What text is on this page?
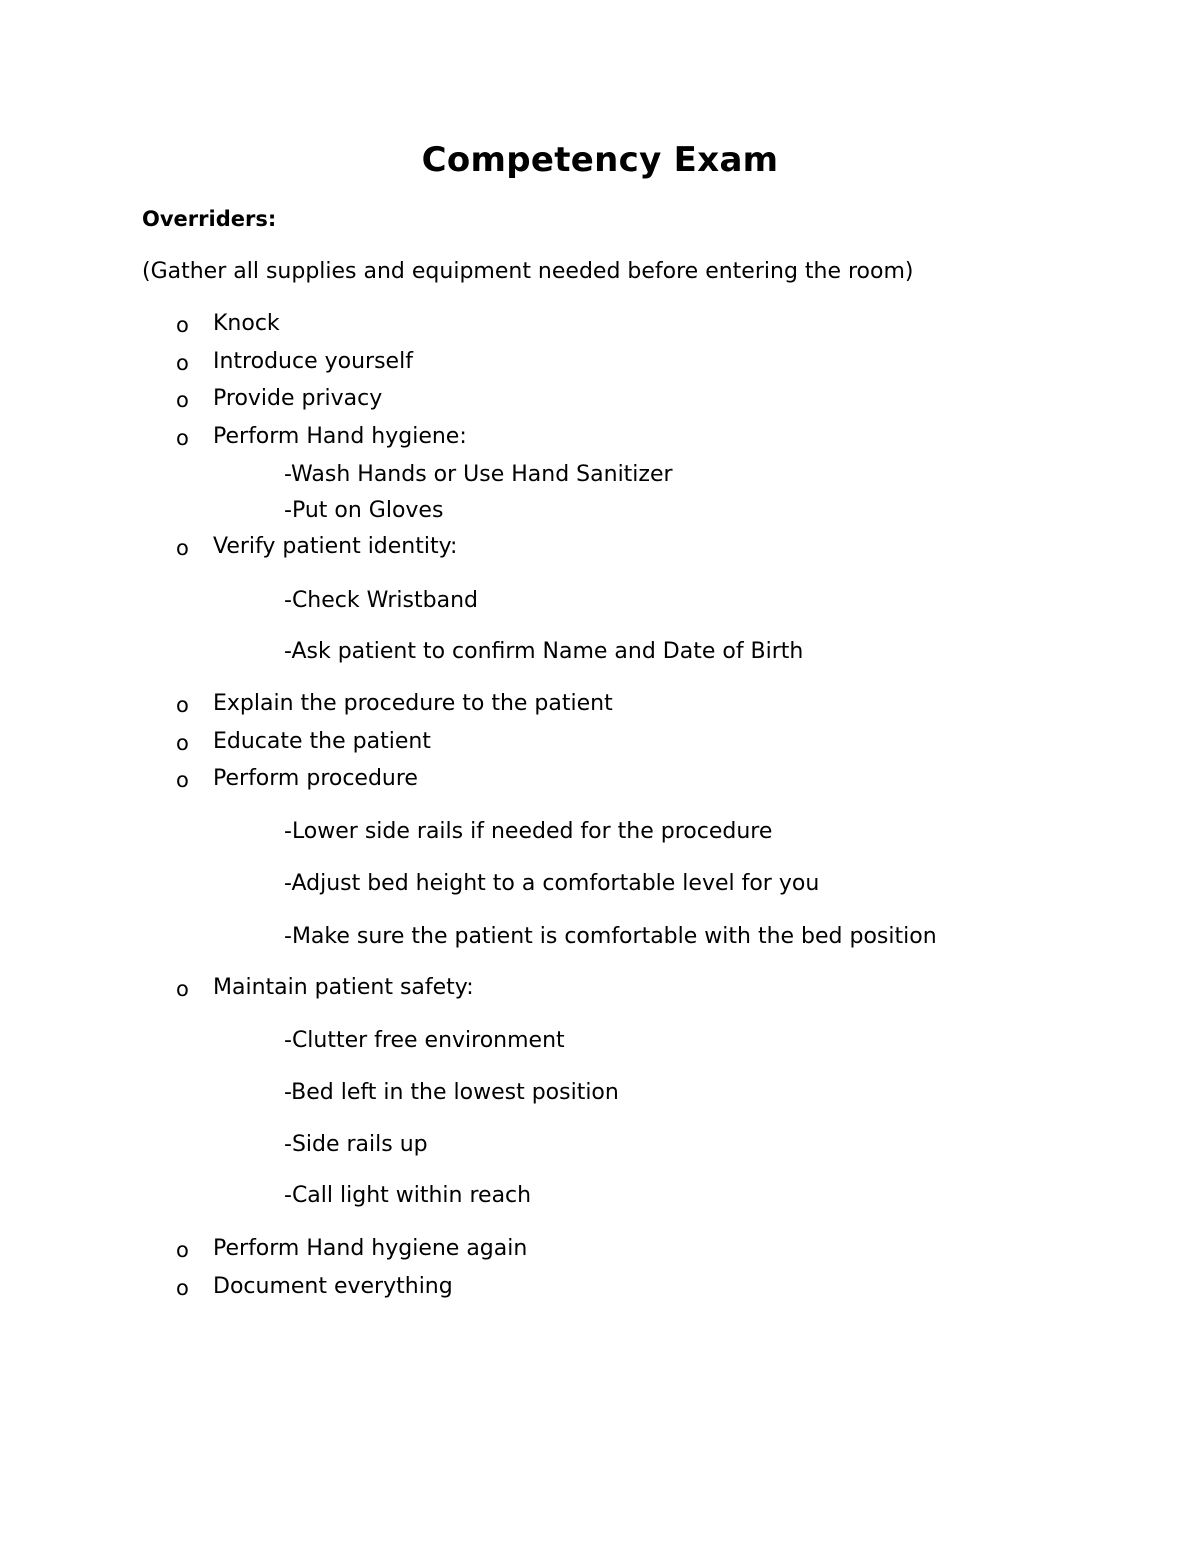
Competency Exam
Overriders:
(Gather all supplies and equipment needed before entering the room)
o Knock
o Introduce yourself
o Provide privacy
o Perform Hand hygiene:
-Wash Hands or Use Hand Sanitizer
-Put on Gloves
o Verify patient identity:
-Check Wristband
-Ask patient to confirm Name and Date of Birth
o Explain the procedure to the patient
o Educate the patient
o Perform procedure
-Lower side rails if needed for the procedure
-Adjust bed height to a comfortable level for you
-Make sure the patient is comfortable with the bed position
o Maintain patient safety:
-Clutter free environment
-Bed left in the lowest position
-Side rails up
-Call light within reach
o Perform Hand hygiene again
o Document everything
